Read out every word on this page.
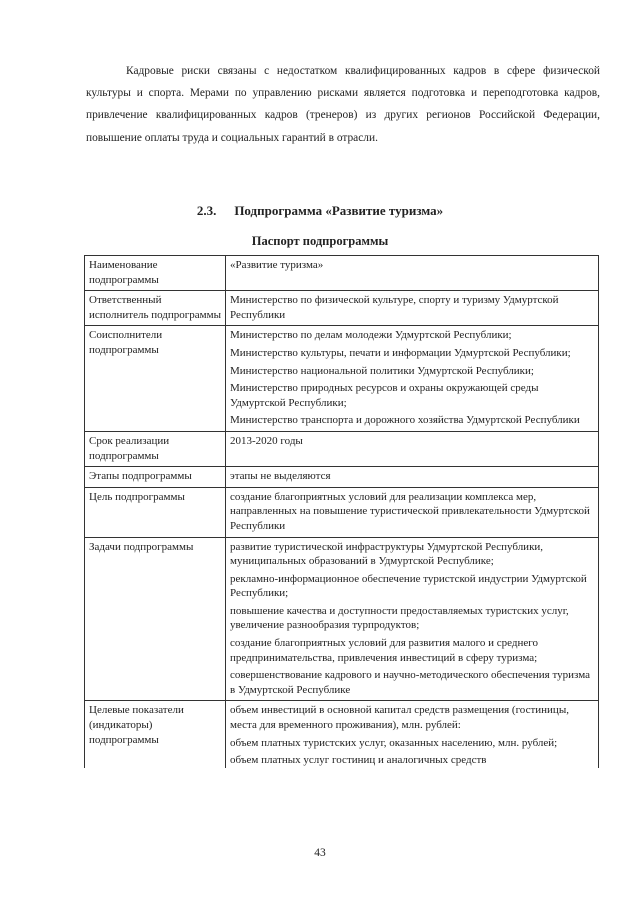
Кадровые риски связаны с недостатком квалифицированных кадров в сфере физической культуры и спорта. Мерами по управлению рисками является подготовка и переподготовка кадров, привлечение квалифицированных кадров (тренеров) из других регионов Российской Федерации, повышение оплаты труда и социальных гарантий в отрасли.

2.3. Подпрограмма «Развитие туризма»
Паспорт подпрограммы
Наименование подпрограммы	«Развитие туризма»

Ответственный исполнитель подпрограммы	Министерство по физической культуре, спорту и туризму Удмуртской Республики

Соисполнители подпрограммы	Министерство по делам молодежи Удмуртской Республики;
Министерство культуры, печати и информации Удмуртской Республики;
Министерство национальной политики Удмуртской Республики;
Министерство природных ресурсов и охраны окружающей среды Удмуртской Республики;
Министерство транспорта и дорожного хозяйства Удмуртской Республики

Срок реализации подпрограммы	2013-2020 годы

Этапы подпрограммы	этапы не выделяются

Цель подпрограммы	создание благоприятных условий для реализации комплекса мер, направленных на повышение туристической привлекательности Удмуртской Республики

Задачи подпрограммы	развитие туристической инфраструктуры Удмуртской Республики, муниципальных образований в Удмуртской Республике;
рекламно-информационное обеспечение туристской индустрии Удмуртской Республики;
повышение качества и доступности предоставляемых туристских услуг, увеличение разнообразия турпродуктов;
создание благоприятных условий для развития малого и среднего предпринимательства, привлечения инвестиций в сферу туризма;
совершенствование кадрового и научно-методического обеспечения туризма в Удмуртской Республике

Целевые показатели (индикаторы) подпрограммы	объем инвестиций в основной капитал средств размещения (гостиницы, места для временного проживания), млн. рублей:
объем платных туристских услуг, оказанных населению, млн. рублей;
объем платных услуг гостиниц и аналогичных средств
43
